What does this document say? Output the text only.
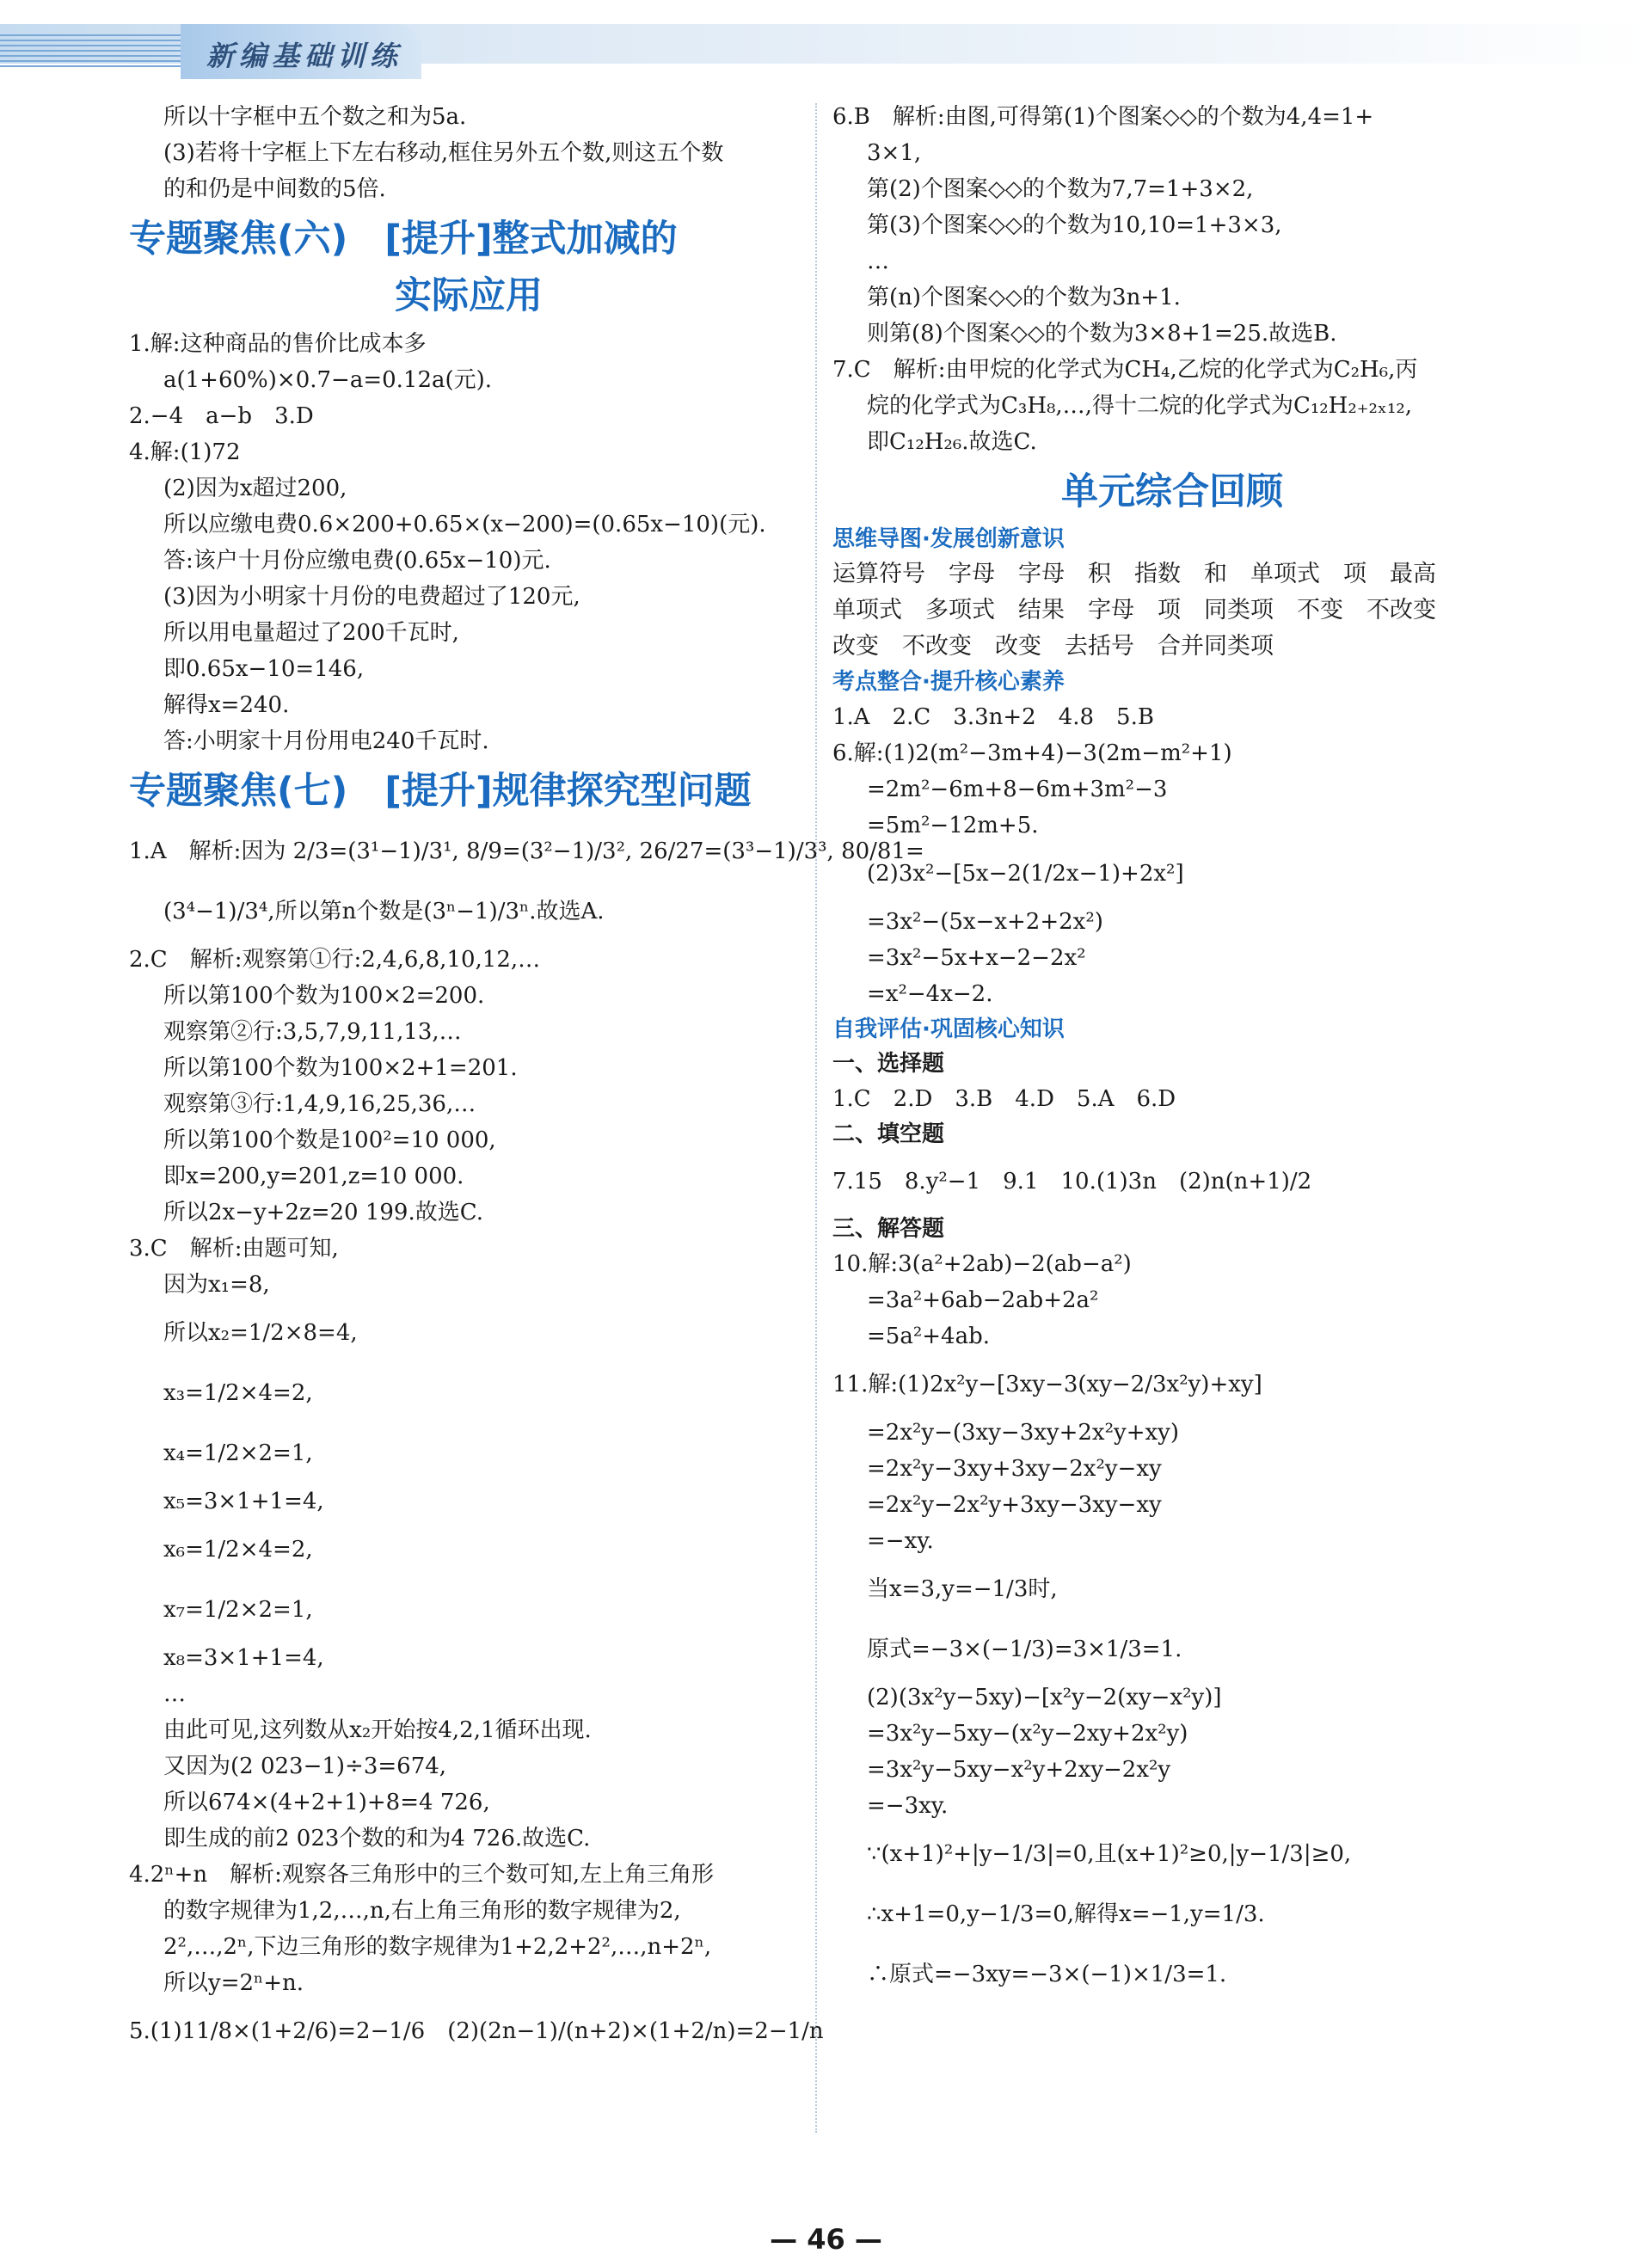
新编基础训练
所以十字框中五个数之和为5a.
(3)若将十字框上下左右移动,框住另外五个数,则这五个数
的和仍是中间数的5倍.
专题聚焦(六)　[提升]整式加减的
实际应用
1.解:这种商品的售价比成本多
a(1+60%)×0.7−a=0.12a(元).
2.−4　a−b　3.D
4.解:(1)72
(2)因为x超过200,
所以应缴电费0.6×200+0.65×(x−200)=(0.65x−10)(元).
答:该户十月份应缴电费(0.65x−10)元.
(3)因为小明家十月份的电费超过了120元,
所以用电量超过了200千瓦时,
即0.65x−10=146,
解得x=240.
答:小明家十月份用电240千瓦时.
专题聚焦(七)　[提升]规律探究型问题
1.A　解析:因为 2/3=(3¹−1)/3¹, 8/9=(3²−1)/3², 26/27=(3³−1)/3³, 80/81=
(3⁴−1)/3⁴,所以第n个数是(3ⁿ−1)/3ⁿ.故选A.
2.C　解析:观察第①行:2,4,6,8,10,12,…
所以第100个数为100×2=200.
观察第②行:3,5,7,9,11,13,…
所以第100个数为100×2+1=201.
观察第③行:1,4,9,16,25,36,…
所以第100个数是100²=10 000,
即x=200,y=201,z=10 000.
所以2x−y+2z=20 199.故选C.
3.C　解析:由题可知,
因为x₁=8,
所以x₂=1/2×8=4,
x₃=1/2×4=2,
x₄=1/2×2=1,
x₅=3×1+1=4,
x₆=1/2×4=2,
x₇=1/2×2=1,
x₈=3×1+1=4,
…
由此可见,这列数从x₂开始按4,2,1循环出现.
又因为(2 023−1)÷3=674,
所以674×(4+2+1)+8=4 726,
即生成的前2 023个数的和为4 726.故选C.
4.2ⁿ+n　解析:观察各三角形中的三个数可知,左上角三角形
的数字规律为1,2,…,n,右上角三角形的数字规律为2,
2²,…,2ⁿ,下边三角形的数字规律为1+2,2+2²,…,n+2ⁿ,
所以y=2ⁿ+n.
5.(1)11/8×(1+2/6)=2−1/6　(2)(2n−1)/(n+2)×(1+2/n)=2−1/n
6.B　解析:由图,可得第(1)个图案◇◇的个数为4,4=1+
3×1,
第(2)个图案◇◇的个数为7,7=1+3×2,
第(3)个图案◇◇的个数为10,10=1+3×3,
…
第(n)个图案◇◇的个数为3n+1.
则第(8)个图案◇◇的个数为3×8+1=25.故选B.
7.C　解析:由甲烷的化学式为CH₄,乙烷的化学式为C₂H₆,丙
烷的化学式为C₃H₈,…,得十二烷的化学式为C₁₂H₂₊₂ₓ₁₂,
即C₁₂H₂₆.故选C.
单元综合回顾
思维导图·发展创新意识
运算符号　字母　字母　积　指数　和　单项式　项　最高
单项式　多项式　结果　字母　项　同类项　不变　不改变
改变　不改变　改变　去括号　合并同类项
考点整合·提升核心素养
1.A　2.C　3.3n+2　4.8　5.B
6.解:(1)2(m²−3m+4)−3(2m−m²+1)
=2m²−6m+8−6m+3m²−3
=5m²−12m+5.
(2)3x²−[5x−2(1/2x−1)+2x²]
=3x²−(5x−x+2+2x²)
=3x²−5x+x−2−2x²
=x²−4x−2.
自我评估·巩固核心知识
一、选择题
1.C　2.D　3.B　4.D　5.A　6.D
二、填空题
7.15　8.y²−1　9.1　10.(1)3n　(2)n(n+1)/2
三、解答题
10.解:3(a²+2ab)−2(ab−a²)
=3a²+6ab−2ab+2a²
=5a²+4ab.
11.解:(1)2x²y−[3xy−3(xy−2/3x²y)+xy]
=2x²y−(3xy−3xy+2x²y+xy)
=2x²y−3xy+3xy−2x²y−xy
=2x²y−2x²y+3xy−3xy−xy
=−xy.
当x=3,y=−1/3时,
原式=−3×(−1/3)=3×1/3=1.
(2)(3x²y−5xy)−[x²y−2(xy−x²y)]
=3x²y−5xy−(x²y−2xy+2x²y)
=3x²y−5xy−x²y+2xy−2x²y
=−3xy.
∵(x+1)²+|y−1/3|=0,且(x+1)²≥0,|y−1/3|≥0,
∴x+1=0,y−1/3=0,解得x=−1,y=1/3.
∴原式=−3xy=−3×(−1)×1/3=1.
— 46 —
